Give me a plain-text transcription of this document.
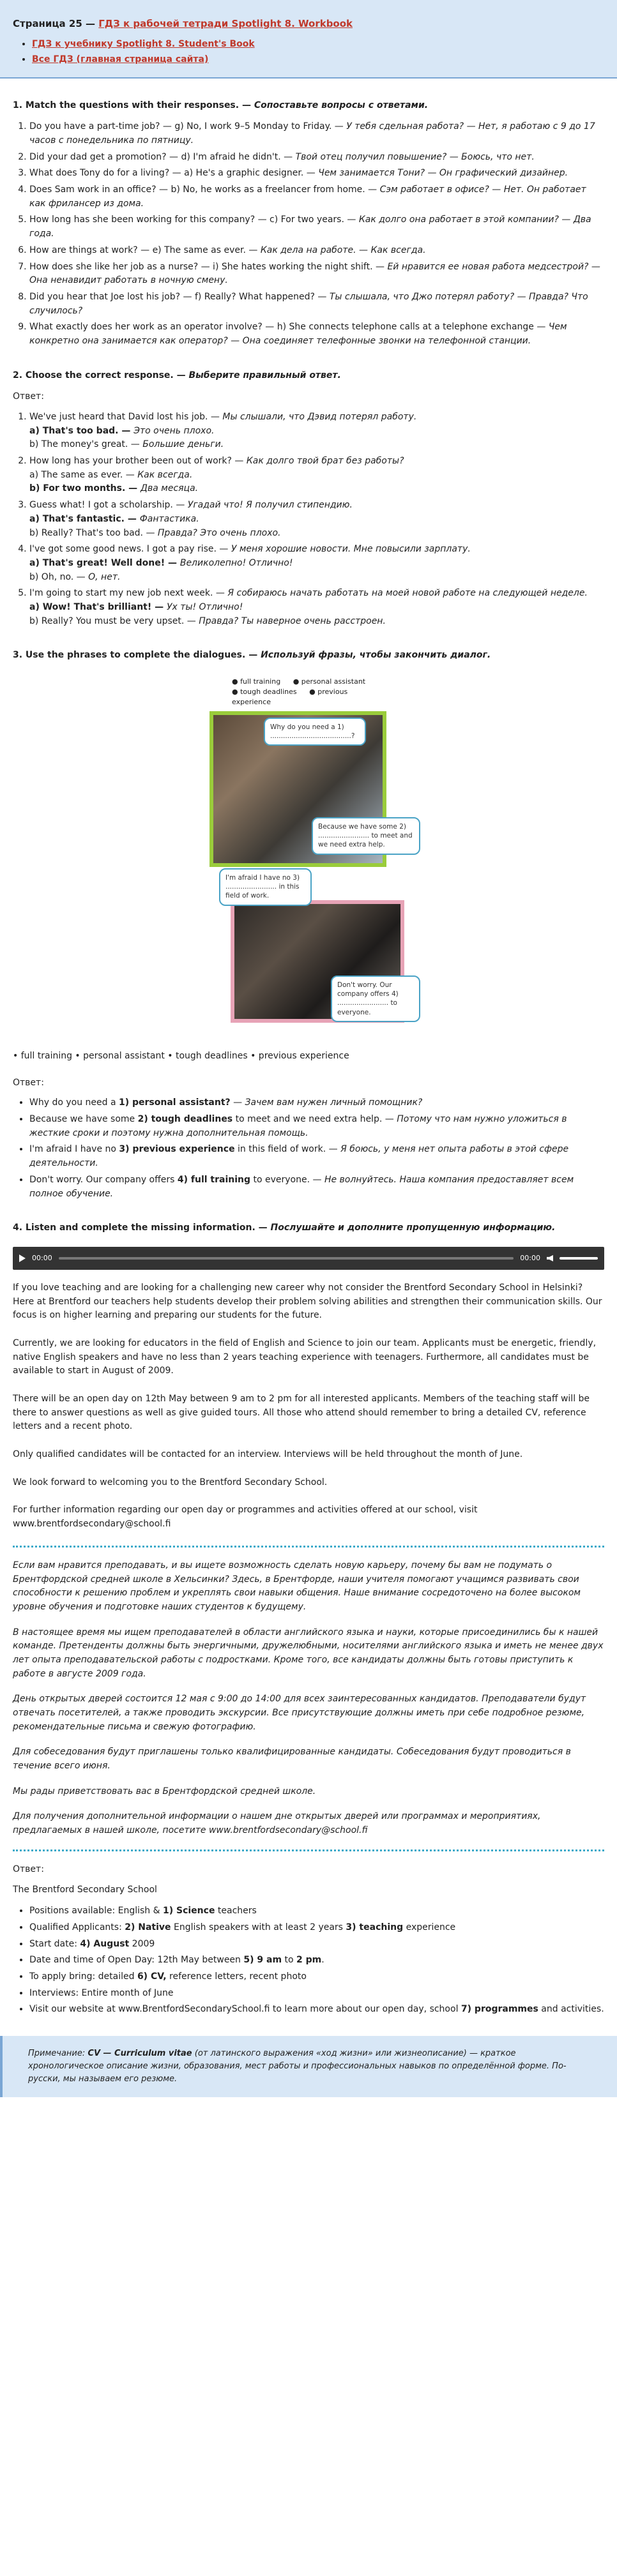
Страница 25 — ГДЗ к рабочей тетради Spotlight 8. Workbook
• ГДЗ к учебнику Spotlight 8. Student's Book
• Все ГДЗ (главная страница сайта)
1. Match the questions with their responses. — Сопоставьте вопросы с ответами.
1. Do you have a part-time job? — g) No, I work 9–5 Monday to Friday. — У тебя сдельная работа? — Нет, я работаю с 9 до 17 часов с понедельника по пятницу.
2. Did your dad get a promotion? — d) I'm afraid he didn't. — Твой отец получил повышение? — Боюсь, что нет.
3. What does Tony do for a living? — a) He's a graphic designer. — Чем занимается Тони? — Он графический дизайнер.
4. Does Sam work in an office? — b) No, he works as a freelancer from home. — Сэм работает в офисе? — Нет. Он работает как фрилансер из дома.
5. How long has she been working for this company? — c) For two years. — Как долго она работает в этой компании? — Два года.
6. How are things at work? — e) The same as ever. — Как дела на работе. — Как всегда.
7. How does she like her job as a nurse? — i) She hates working the night shift. — Ей нравится ее новая работа медсестрой? — Она ненавидит работать в ночную смену.
8. Did you hear that Joe lost his job? — f) Really? What happened? — Ты слышала, что Джо потерял работу? — Правда? Что случилось?
9. What exactly does her work as an operator involve? — h) She connects telephone calls at a telephone exchange — Чем конкретно она занимается как оператор? — Она соединяет телефонные звонки на телефонной станции.
2. Choose the correct response. — Выберите правильный ответ.
Ответ:
1. We've just heard that David lost his job. — Мы слышали, что Дэвид потерял работу.
a) That's too bad. — Это очень плохо.
b) The money's great. — Большие деньги.
2. How long has your brother been out of work? — Как долго твой брат без работы?
a) The same as ever. — Как всегда.
b) For two months. — Два месяца.
3. Guess what! I got a scholarship. — Угадай что! Я получил стипендию.
a) That's fantastic. — Фантастика.
b) Really? That's too bad. — Правда? Это очень плохо.
4. I've got some good news. I got a pay rise. — У меня хорошие новости. Мне повысили зарплату.
a) That's great! Well done! — Великолепно! Отлично!
b) Oh, no. — О, нет.
5. I'm going to start my new job next week. — Я собираюсь начать работать на моей новой работе на следующей неделе.
a) Wow! That's brilliant! — Ух ты! Отлично!
b) Really? You must be very upset. — Правда? Ты наверное очень расстроен.
3. Use the phrases to complete the dialogues. — Используй фразы, чтобы закончить диалог.
● full training ● personal assistant
● tough deadlines ● previous experience
Why do you need a 1) ......................................?
Because we have some 2) ........................ to meet and we need extra help.
I'm afraid I have no 3) ........................ in this field of work.
Don't worry. Our company offers 4) ........................ to everyone.
• full training • personal assistant • tough deadlines • previous experience
Ответ:
• Why do you need a 1) personal assistant? — Зачем вам нужен личный помощник?
• Because we have some 2) tough deadlines to meet and we need extra help. — Потому что нам нужно уложиться в жесткие сроки и поэтому нужна дополнительная помощь.
• I'm afraid I have no 3) previous experience in this field of work. — Я боюсь, у меня нет опыта работы в этой сфере деятельности.
• Don't worry. Our company offers 4) full training to everyone. — Не волнуйтесь. Наша компания предоставляет всем полное обучение.
4. Listen and complete the missing information. — Послушайте и дополните пропущенную информацию.
00:00	00:00

If you love teaching and are looking for a challenging new career why not consider the Brentford Secondary School in Helsinki? Here at Brentford our teachers help students develop their problem solving abilities and strengthen their communication skills. Our focus is on higher learning and preparing our students for the future.

Currently, we are looking for educators in the field of English and Science to join our team. Applicants must be energetic, friendly, native English speakers and have no less than 2 years teaching experience with teenagers. Furthermore, all candidates must be available to start in August of 2009.

There will be an open day on 12th May between 9 am to 2 pm for all interested applicants. Members of the teaching staff will be there to answer questions as well as give guided tours. All those who attend should remember to bring a detailed CV, reference letters and a recent photo.

Only qualified candidates will be contacted for an interview. Interviews will be held throughout the month of June.

We look forward to welcoming you to the Brentford Secondary School.

For further information regarding our open day or programmes and activities offered at our school, visit www.brentfordsecondary@school.fi

Если вам нравится преподавать, и вы ищете возможность сделать новую карьеру, почему бы вам не подумать о Брентфордской средней школе в Хельсинки? Здесь, в Брентфорде, наши учителя помогают учащимся развивать свои способности к решению проблем и укреплять свои навыки общения. Наше внимание сосредоточено на более высоком уровне обучения и подготовке наших студентов к будущему.

В настоящее время мы ищем преподавателей в области английского языка и науки, которые присоединились бы к нашей команде. Претенденты должны быть энергичными, дружелюбными, носителями английского языка и иметь не менее двух лет опыта преподавательской работы с подростками. Кроме того, все кандидаты должны быть готовы приступить к работе в августе 2009 года.

День открытых дверей состоится 12 мая с 9:00 до 14:00 для всех заинтересованных кандидатов. Преподаватели будут отвечать посетителей, а также проводить экскурсии. Все присутствующие должны иметь при себе подробное резюме, рекомендательные письма и свежую фотографию.

Для собеседования будут приглашены только квалифицированные кандидаты. Собеседования будут проводиться в течение всего июня.

Мы рады приветствовать вас в Брентфордской средней школе.

Для получения дополнительной информации о нашем дне открытых дверей или программах и мероприятиях, предлагаемых в нашей школе, посетите www.brentfordsecondary@school.fi

Ответ:

The Brentford Secondary School

• Positions available: English & 1) Science teachers
• Qualified Applicants: 2) Native English speakers with at least 2 years 3) teaching experience
• Start date: 4) August 2009
• Date and time of Open Day: 12th May between 5) 9 am to 2 pm.
• To apply bring: detailed 6) CV, reference letters, recent photo
• Interviews: Entire month of June
• Visit our website at www.BrentfordSecondarySchool.fi to learn more about our open day, school 7) programmes and activities.
Примечание: CV — Curriculum vitae (от латинского выражения «ход жизни» или жизнеописание) — краткое хронологическое описание жизни, образования, мест работы и профессиональных навыков по определённой форме. По-русски, мы называем его резюме.
